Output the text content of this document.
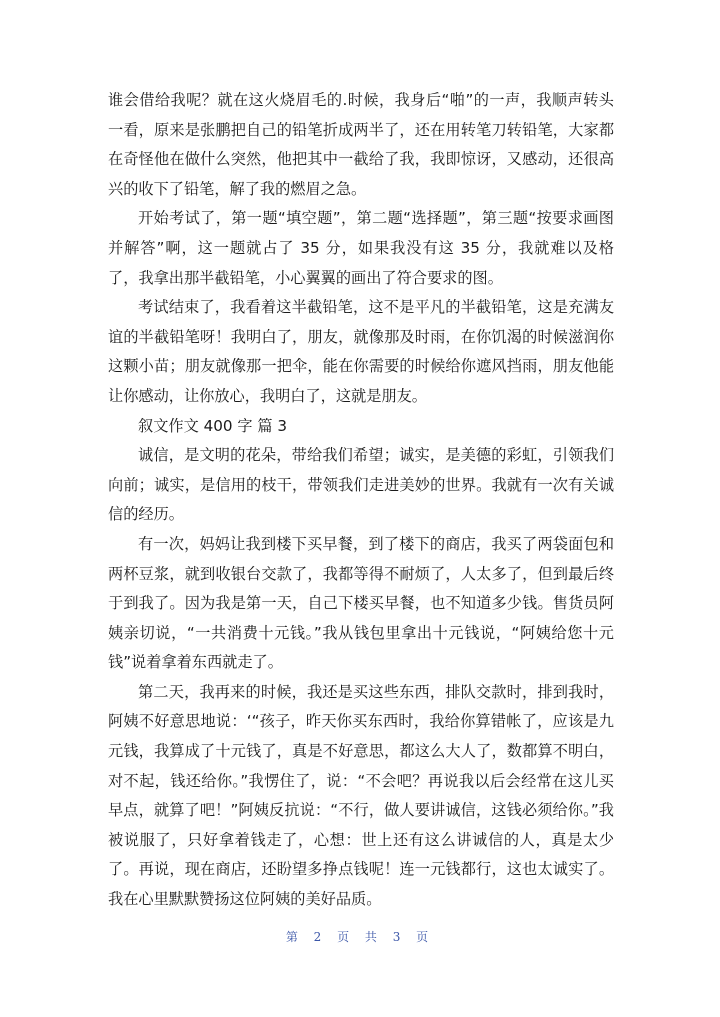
谁会借给我呢？就在这火烧眉毛的.时候，我身后“啪”的一声，我顺声转头一看，原来是张鹏把自己的铅笔折成两半了，还在用转笔刀转铅笔，大家都在奇怪他在做什么突然，他把其中一截给了我，我即惊讶，又感动，还很高兴的收下了铅笔，解了我的燃眉之急。

开始考试了，第一题“填空题”，第二题“选择题”，第三题“按要求画图并解答”啊，这一题就占了 35 分，如果我没有这 35 分，我就难以及格了，我拿出那半截铅笔，小心翼翼的画出了符合要求的图。

考试结束了，我看着这半截铅笔，这不是平凡的半截铅笔，这是充满友谊的半截铅笔呀！我明白了，朋友，就像那及时雨，在你饥渴的时候滋润你这颗小苗；朋友就像那一把伞，能在你需要的时候给你遮风挡雨，朋友他能让你感动，让你放心，我明白了，这就是朋友。

叙文作文 400 字 篇 3

诚信，是文明的花朵，带给我们希望；诚实，是美德的彩虹，引领我们向前；诚实，是信用的枝干，带领我们走进美妙的世界。我就有一次有关诚信的经历。

有一次，妈妈让我到楼下买早餐，到了楼下的商店，我买了两袋面包和两杯豆浆，就到收银台交款了，我都等得不耐烦了，人太多了，但到最后终于到我了。因为我是第一天，自己下楼买早餐，也不知道多少钱。售货员阿姨亲切说，“一共消费十元钱。”我从钱包里拿出十元钱说，“阿姨给您十元钱”说着拿着东西就走了。

第二天，我再来的时候，我还是买这些东西，排队交款时，排到我时，阿姨不好意思地说：‘“孩子，昨天你买东西时，我给你算错帐了，应该是九元钱，我算成了十元钱了，真是不好意思，都这么大人了，数都算不明白，对不起，钱还给你。”我愣住了，说：“不会吧？再说我以后会经常在这儿买早点，就算了吧！”阿姨反抗说：“不行，做人要讲诚信，这钱必须给你。”我被说服了，只好拿着钱走了，心想：世上还有这么讲诚信的人，真是太少了。再说，现在商店，还盼望多挣点钱呢！连一元钱都行，这也太诚实了。我在心里默默赞扬这位阿姨的美好品质。

第 2 页 共 3 页
